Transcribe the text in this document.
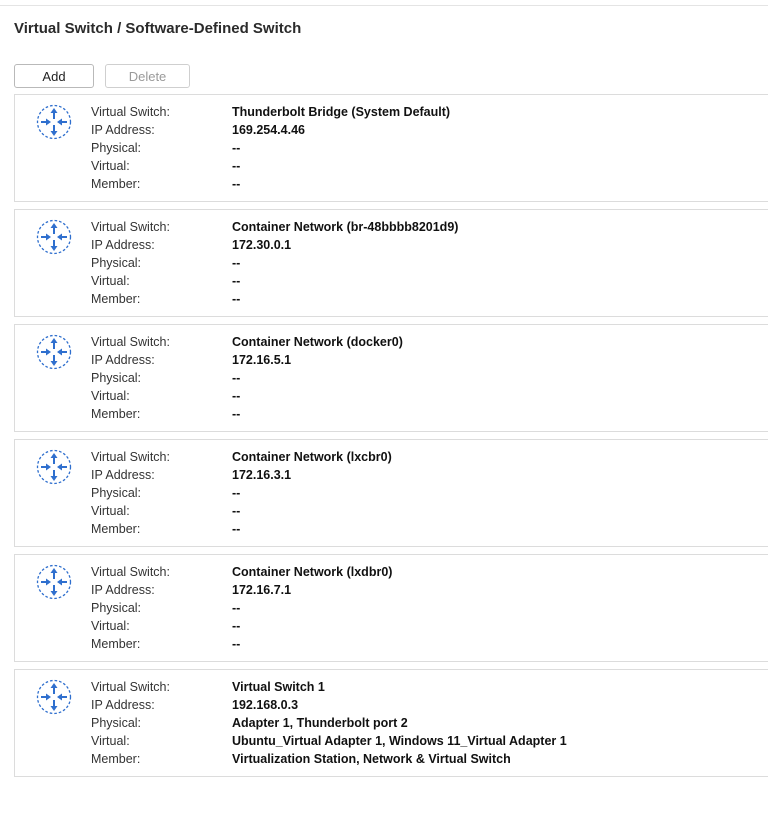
Virtual Switch / Software-Defined Switch
Add	Delete
Virtual Switch:	Thunderbolt Bridge (System Default)
IP Address:	169.254.4.46
Physical:	--
Virtual:	--
Member:	--
Virtual Switch:	Container Network (br-48bbbb8201d9)
IP Address:	172.30.0.1
Physical:	--
Virtual:	--
Member:	--
Virtual Switch:	Container Network (docker0)
IP Address:	172.16.5.1
Physical:	--
Virtual:	--
Member:	--
Virtual Switch:	Container Network (lxcbr0)
IP Address:	172.16.3.1
Physical:	--
Virtual:	--
Member:	--
Virtual Switch:	Container Network (lxdbr0)
IP Address:	172.16.7.1
Physical:	--
Virtual:	--
Member:	--
Virtual Switch:	Virtual Switch 1
IP Address:	192.168.0.3
Physical:	Adapter 1, Thunderbolt port 2
Virtual:	Ubuntu_Virtual Adapter 1, Windows 11_Virtual Adapter 1
Member:	Virtualization Station, Network & Virtual Switch
